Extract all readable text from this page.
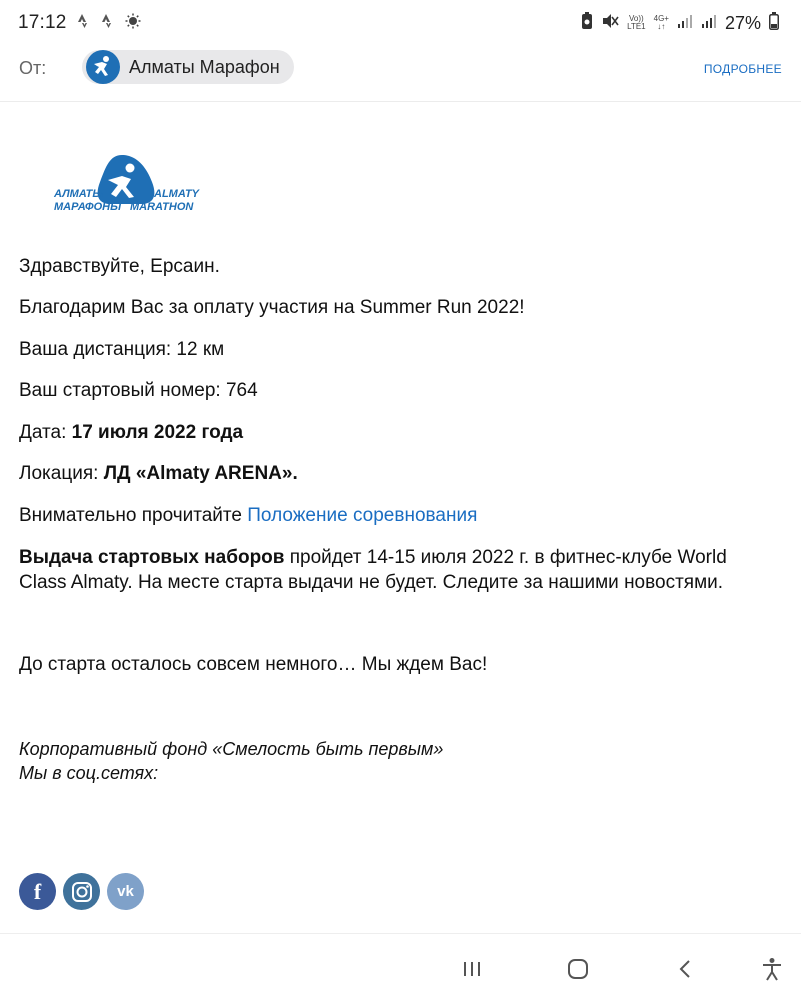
17:12	Vo))
LTE1
4G+
↓↑	27%
От:	Алматы Марафон	ПОДРОБНЕЕ
АЛМАТЫ
МАРАФОНЫ
ALMATY
MARATHON
Здравствуйте, Ерсаин.
Благодарим Вас за оплату участия на Summer Run 2022!
Ваша дистанция: 12 км
Ваш стартовый номер: 764
Дата: 17 июля 2022 года
Локация: ЛД «Almaty ARENA».
Внимательно прочитайте Положение соревнования
Выдача стартовых наборов пройдет 14-15 июля 2022 г. в фитнес-клубе World
Class Almaty. На месте старта выдачи не будет. Следите за нашими новостями.
До старта осталось совсем немного… Мы ждем Вас!
Корпоративный фонд «Смелость быть первым»
Мы в соц.сетях:
f	vk
